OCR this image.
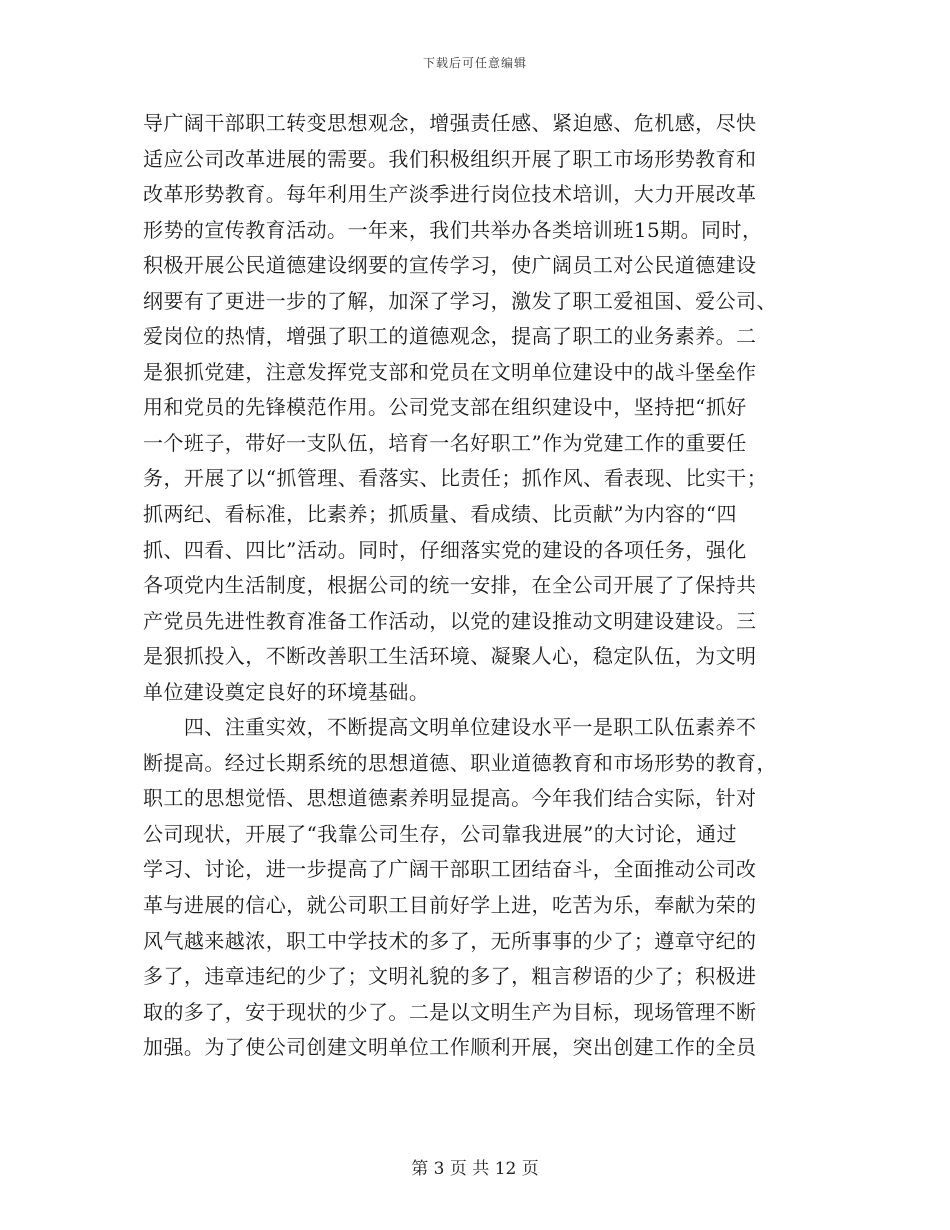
下载后可任意编辑
导广阔干部职工转变思想观念，增强责任感、紧迫感、危机感，尽快
适应公司改革进展的需要。我们积极组织开展了职工市场形势教育和
改革形势教育。每年利用生产淡季进行岗位技术培训，大力开展改革
形势的宣传教育活动。一年来，我们共举办各类培训班15期。同时，
积极开展公民道德建设纲要的宣传学习，使广阔员工对公民道德建设
纲要有了更进一步的了解，加深了学习，激发了职工爱祖国、爱公司、
爱岗位的热情，增强了职工的道德观念，提高了职工的业务素养。二
是狠抓党建，注意发挥党支部和党员在文明单位建设中的战斗堡垒作
用和党员的先锋模范作用。公司党支部在组织建设中，坚持把“抓好
一个班子，带好一支队伍，培育一名好职工”作为党建工作的重要任
务，开展了以“抓管理、看落实、比责任；抓作风、看表现、比实干；
抓两纪、看标准，比素养；抓质量、看成绩、比贡献”为内容的“四
抓、四看、四比”活动。同时，仔细落实党的建设的各项任务，强化
各项党内生活制度，根据公司的统一安排，在全公司开展了了保持共
产党员先进性教育准备工作活动，以党的建设推动文明建设建设。三
是狠抓投入，不断改善职工生活环境、凝聚人心，稳定队伍，为文明
单位建设奠定良好的环境基础。
　　四、注重实效，不断提高文明单位建设水平一是职工队伍素养不
断提高。经过长期系统的思想道德、职业道德教育和市场形势的教育，
职工的思想觉悟、思想道德素养明显提高。今年我们结合实际，针对
公司现状，开展了“我靠公司生存，公司靠我进展”的大讨论，通过
学习、讨论，进一步提高了广阔干部职工团结奋斗，全面推动公司改
革与进展的信心，就公司职工目前好学上进，吃苦为乐，奉献为荣的
风气越来越浓，职工中学技术的多了，无所事事的少了；遵章守纪的
多了，违章违纪的少了；文明礼貌的多了，粗言秽语的少了；积极进
取的多了，安于现状的少了。二是以文明生产为目标，现场管理不断
加强。为了使公司创建文明单位工作顺利开展，突出创建工作的全员
第 3 页 共 12 页
